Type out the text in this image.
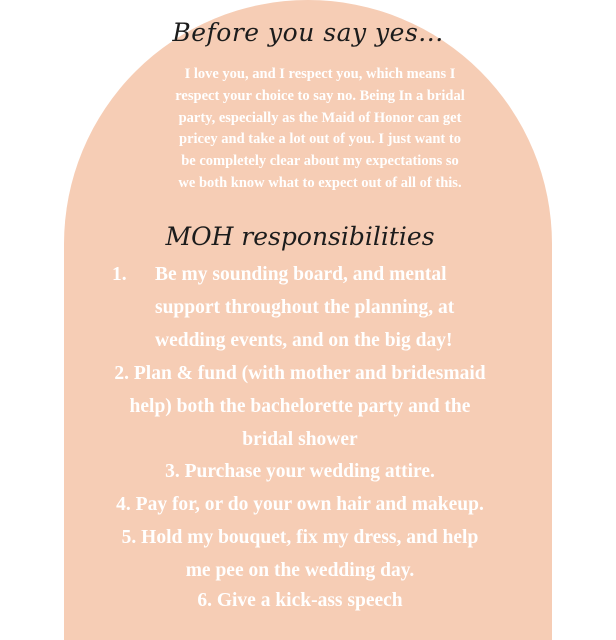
Before you say yes...

I love you, and I respect you, which means I

respect your choice to say no. Being In a bridal

party, especially as the Maid of Honor can get

pricey and take a lot out of you. I just want to

be completely clear about my expectations so

we both know what to expect out of all of this.

MOH responsibilities
1. Be my sounding board, and mental
support throughout the planning, at
wedding events, and on the big day!
2. Plan & fund (with mother and bridesmaid
help) both the bachelorette party and the
bridal shower
3. Purchase your wedding attire.
4. Pay for, or do your own hair and makeup.
5. Hold my bouquet, fix my dress, and help
me pee on the wedding day.
6. Give a kick-ass speech
